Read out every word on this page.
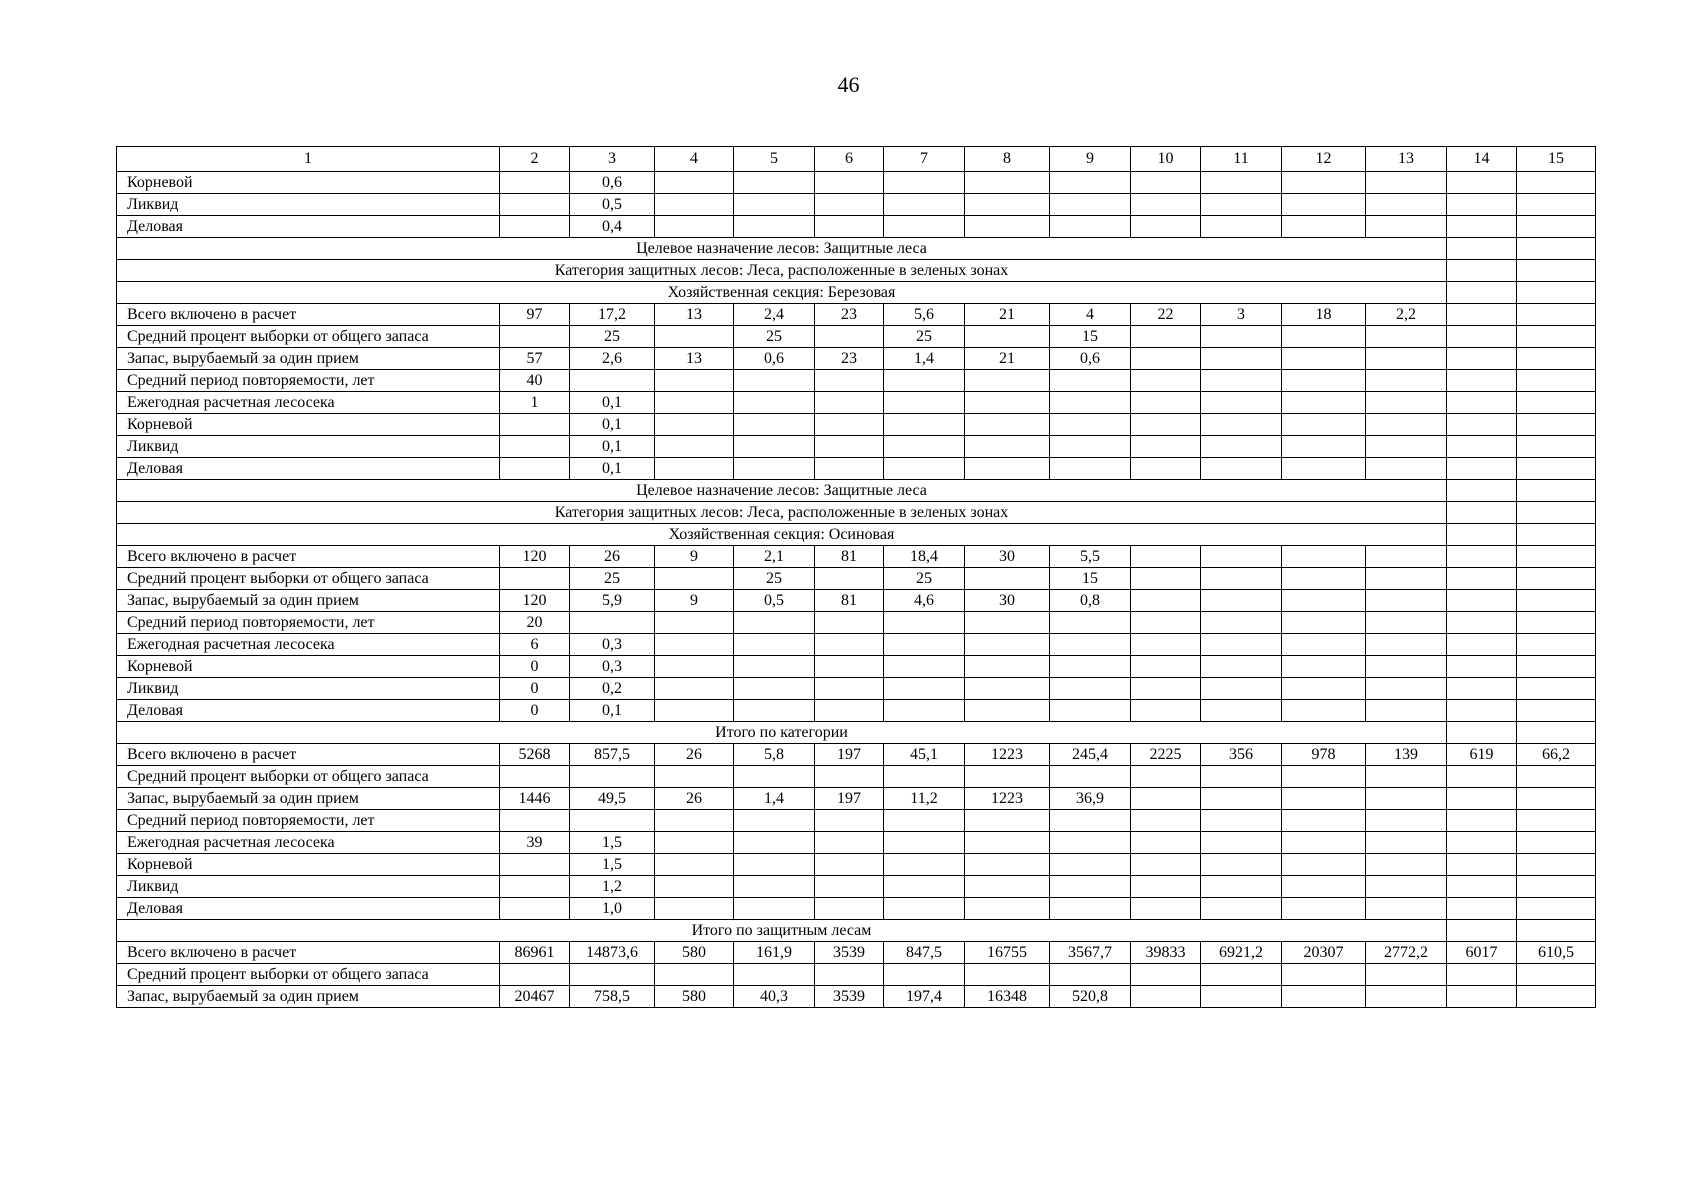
46
1	2	3	4	5	6	7	8	9	10	11	12	13	14	15
Корневой		0,6												
Ликвид		0,5												
Деловая		0,4												
Целевое назначение лесов: Защитные леса														
Категория защитных лесов: Леса, расположенные в зеленых зонах														
Хозяйственная секция: Березовая														
Всего включено в расчет	97	17,2	13	2,4	23	5,6	21	4	22	3	18	2,2		
Средний процент выборки от общего запаса		25		25		25		15						
Запас, вырубаемый за один прием	57	2,6	13	0,6	23	1,4	21	0,6						
Средний период повторяемости, лет	40													
Ежегодная расчетная лесосека	1	0,1												
Корневой		0,1												
Ликвид		0,1												
Деловая		0,1												
Целевое назначение лесов: Защитные леса														
Категория защитных лесов: Леса, расположенные в зеленых зонах														
Хозяйственная секция: Осиновая														
Всего включено в расчет	120	26	9	2,1	81	18,4	30	5,5						
Средний процент выборки от общего запаса		25		25		25		15						
Запас, вырубаемый за один прием	120	5,9	9	0,5	81	4,6	30	0,8						
Средний период повторяемости, лет	20													
Ежегодная расчетная лесосека	6	0,3												
Корневой	0	0,3												
Ликвид	0	0,2												
Деловая	0	0,1												
Итого по категории														
Всего включено в расчет	5268	857,5	26	5,8	197	45,1	1223	245,4	2225	356	978	139	619	66,2
Средний процент выборки от общего запаса														
Запас, вырубаемый за один прием	1446	49,5	26	1,4	197	11,2	1223	36,9						
Средний период повторяемости, лет														
Ежегодная расчетная лесосека	39	1,5												
Корневой		1,5												
Ликвид		1,2												
Деловая		1,0												
Итого по защитным лесам														
Всего включено в расчет	86961	14873,6	580	161,9	3539	847,5	16755	3567,7	39833	6921,2	20307	2772,2	6017	610,5
Средний процент выборки от общего запаса														
Запас, вырубаемый за один прием	20467	758,5	580	40,3	3539	197,4	16348	520,8						
